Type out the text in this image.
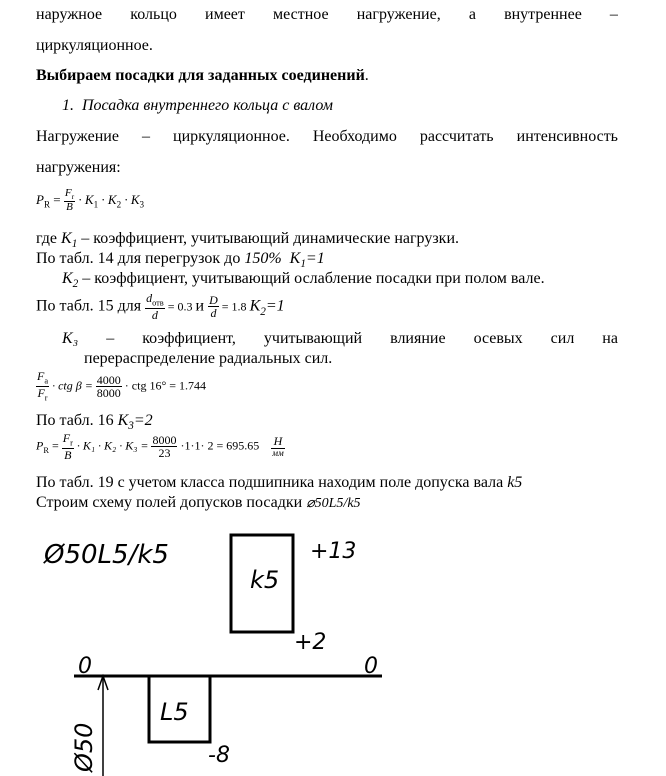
наружное кольцо имеет местное нагружение, а внутреннее –
циркуляционное.
Выбираем посадки для заданных соединений.
1. Посадка внутреннего кольца с валом
Нагружение – циркуляционное. Необходимо рассчитать интенсивность
нагружения:
$P_R = \frac{F_r}{B} \cdot K_1 \cdot K_2 \cdot K_3$
где $K_1$ – коэффициент, учитывающий динамические нагрузки.
По табл. 14 для перегрузок до 150% $K_1=1$
$K_2$ – коэффициент, учитывающий ослабление посадки при полом вале.
По табл. 15 для $\frac{d_{отв}}{d} = 0.3$ и $\frac{D}{d} = 1.8$ $K_2=1$
K₃ – коэффициент, учитывающий влияние осевых сил на
перераспределение радиальных сил.
$\frac{F_a}{F_r}$ · ctg $\beta = \frac{4000}{8000}$ · ctg 16° = 1.744
По табл. 16 $K_3=2$
$P_R = \frac{F_r}{B} \cdot K_1 \cdot K_2 \cdot K_3 = \frac{8000}{23} \cdot 1\cdot 1\cdot 2 = 695.65 \frac{Н}{мм}$
По табл. 19 с учетом класса подшипника находим поле допуска вала k5
Строим схему полей допусков посадки ⌀50L5/k5
Ø50L5/k5
k5
+13
+2
0	0
L5
-8
Ø50
